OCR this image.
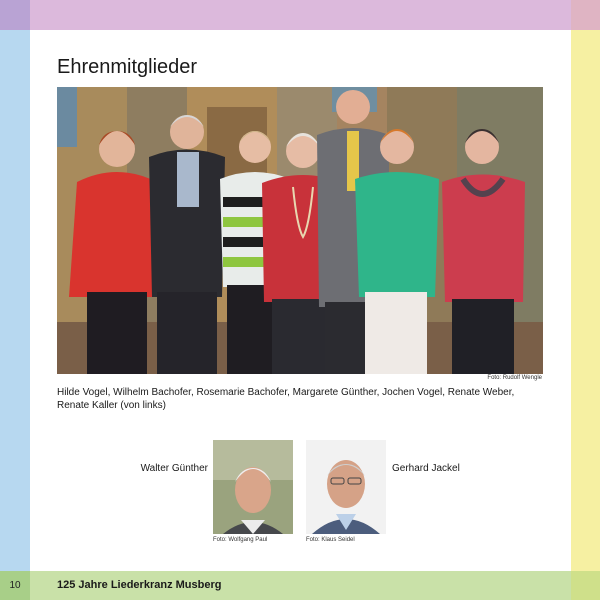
10	125 Jahre Liederkranz Musberg
Ehrenmitglieder
Foto: Rudolf Wengle
Hilde Vogel, Wilhelm Bachofer, Rosemarie Bachofer, Margarete Günther, Jochen Vogel, Renate Weber, Renate Kaller (von links)
Walter Günther
Foto: Wolfgang Paul	Foto: Klaus Seidel
Gerhard Jackel
